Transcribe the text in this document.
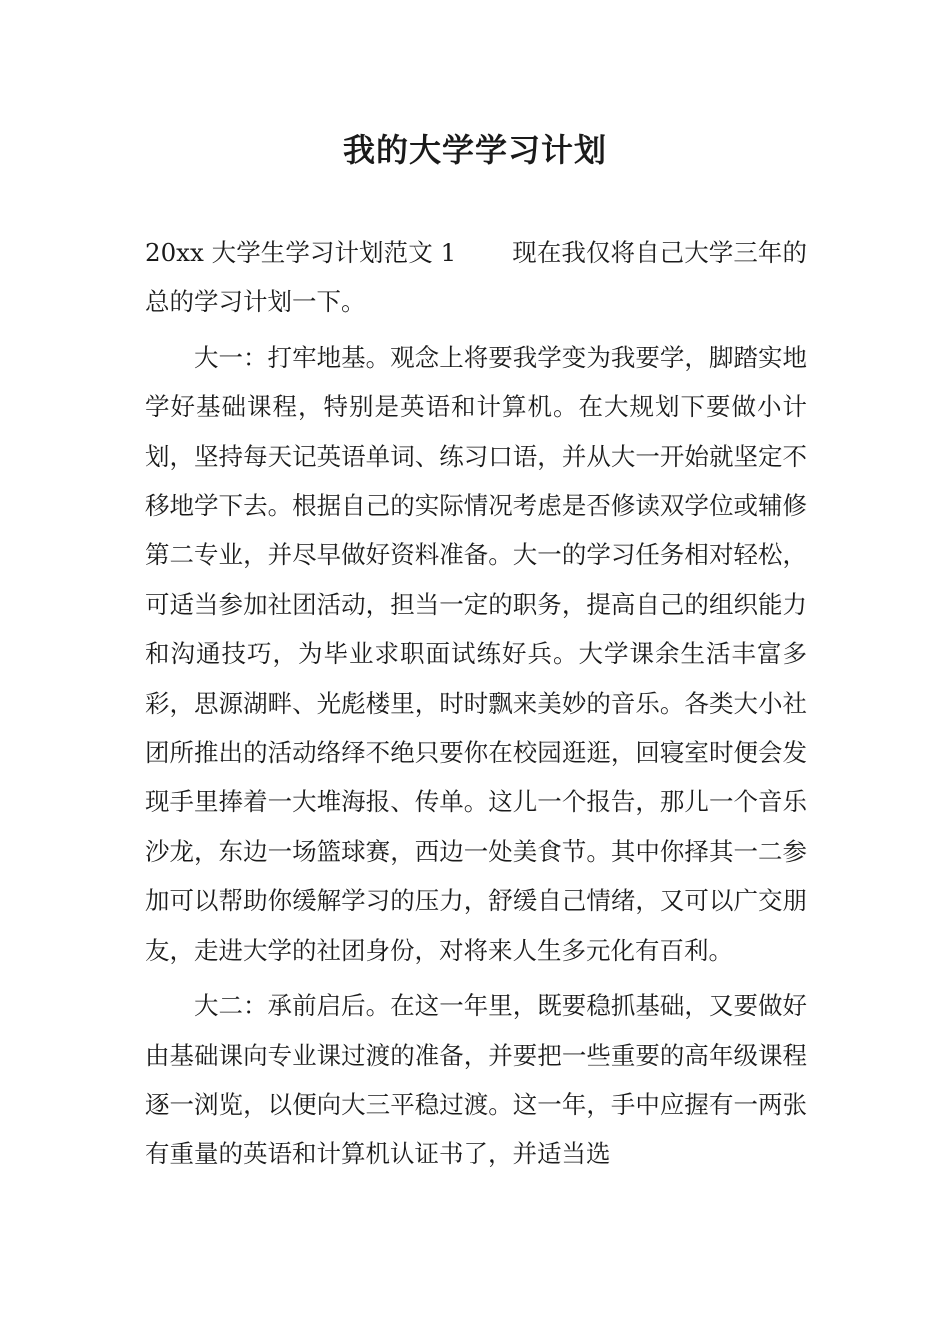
我的大学学习计划

20xx 大学生学习计划范文 1 现在我仅将自己大学三年的总的学习计划一下。

大一：打牢地基。观念上将要我学变为我要学，脚踏实地学好基础课程，特别是英语和计算机。在大规划下要做小计划，坚持每天记英语单词、练习口语，并从大一开始就坚定不移地学下去。根据自己的实际情况考虑是否修读双学位或辅修第二专业，并尽早做好资料准备。大一的学习任务相对轻松，可适当参加社团活动，担当一定的职务，提高自己的组织能力和沟通技巧，为毕业求职面试练好兵。大学课余生活丰富多彩，思源湖畔、光彪楼里，时时飘来美妙的音乐。各类大小社团所推出的活动络绎不绝只要你在校园逛逛，回寝室时便会发现手里捧着一大堆海报、传单。这儿一个报告，那儿一个音乐沙龙，东边一场篮球赛，西边一处美食节。其中你择其一二参加可以帮助你缓解学习的压力，舒缓自己情绪，又可以广交朋友，走进大学的社团身份，对将来人生多元化有百利。

大二：承前启后。在这一年里，既要稳抓基础，又要做好由基础课向专业课过渡的准备，并要把一些重要的高年级课程逐一浏览，以便向大三平稳过渡。这一年，手中应握有一两张有重量的英语和计算机认证书了，并适当选
